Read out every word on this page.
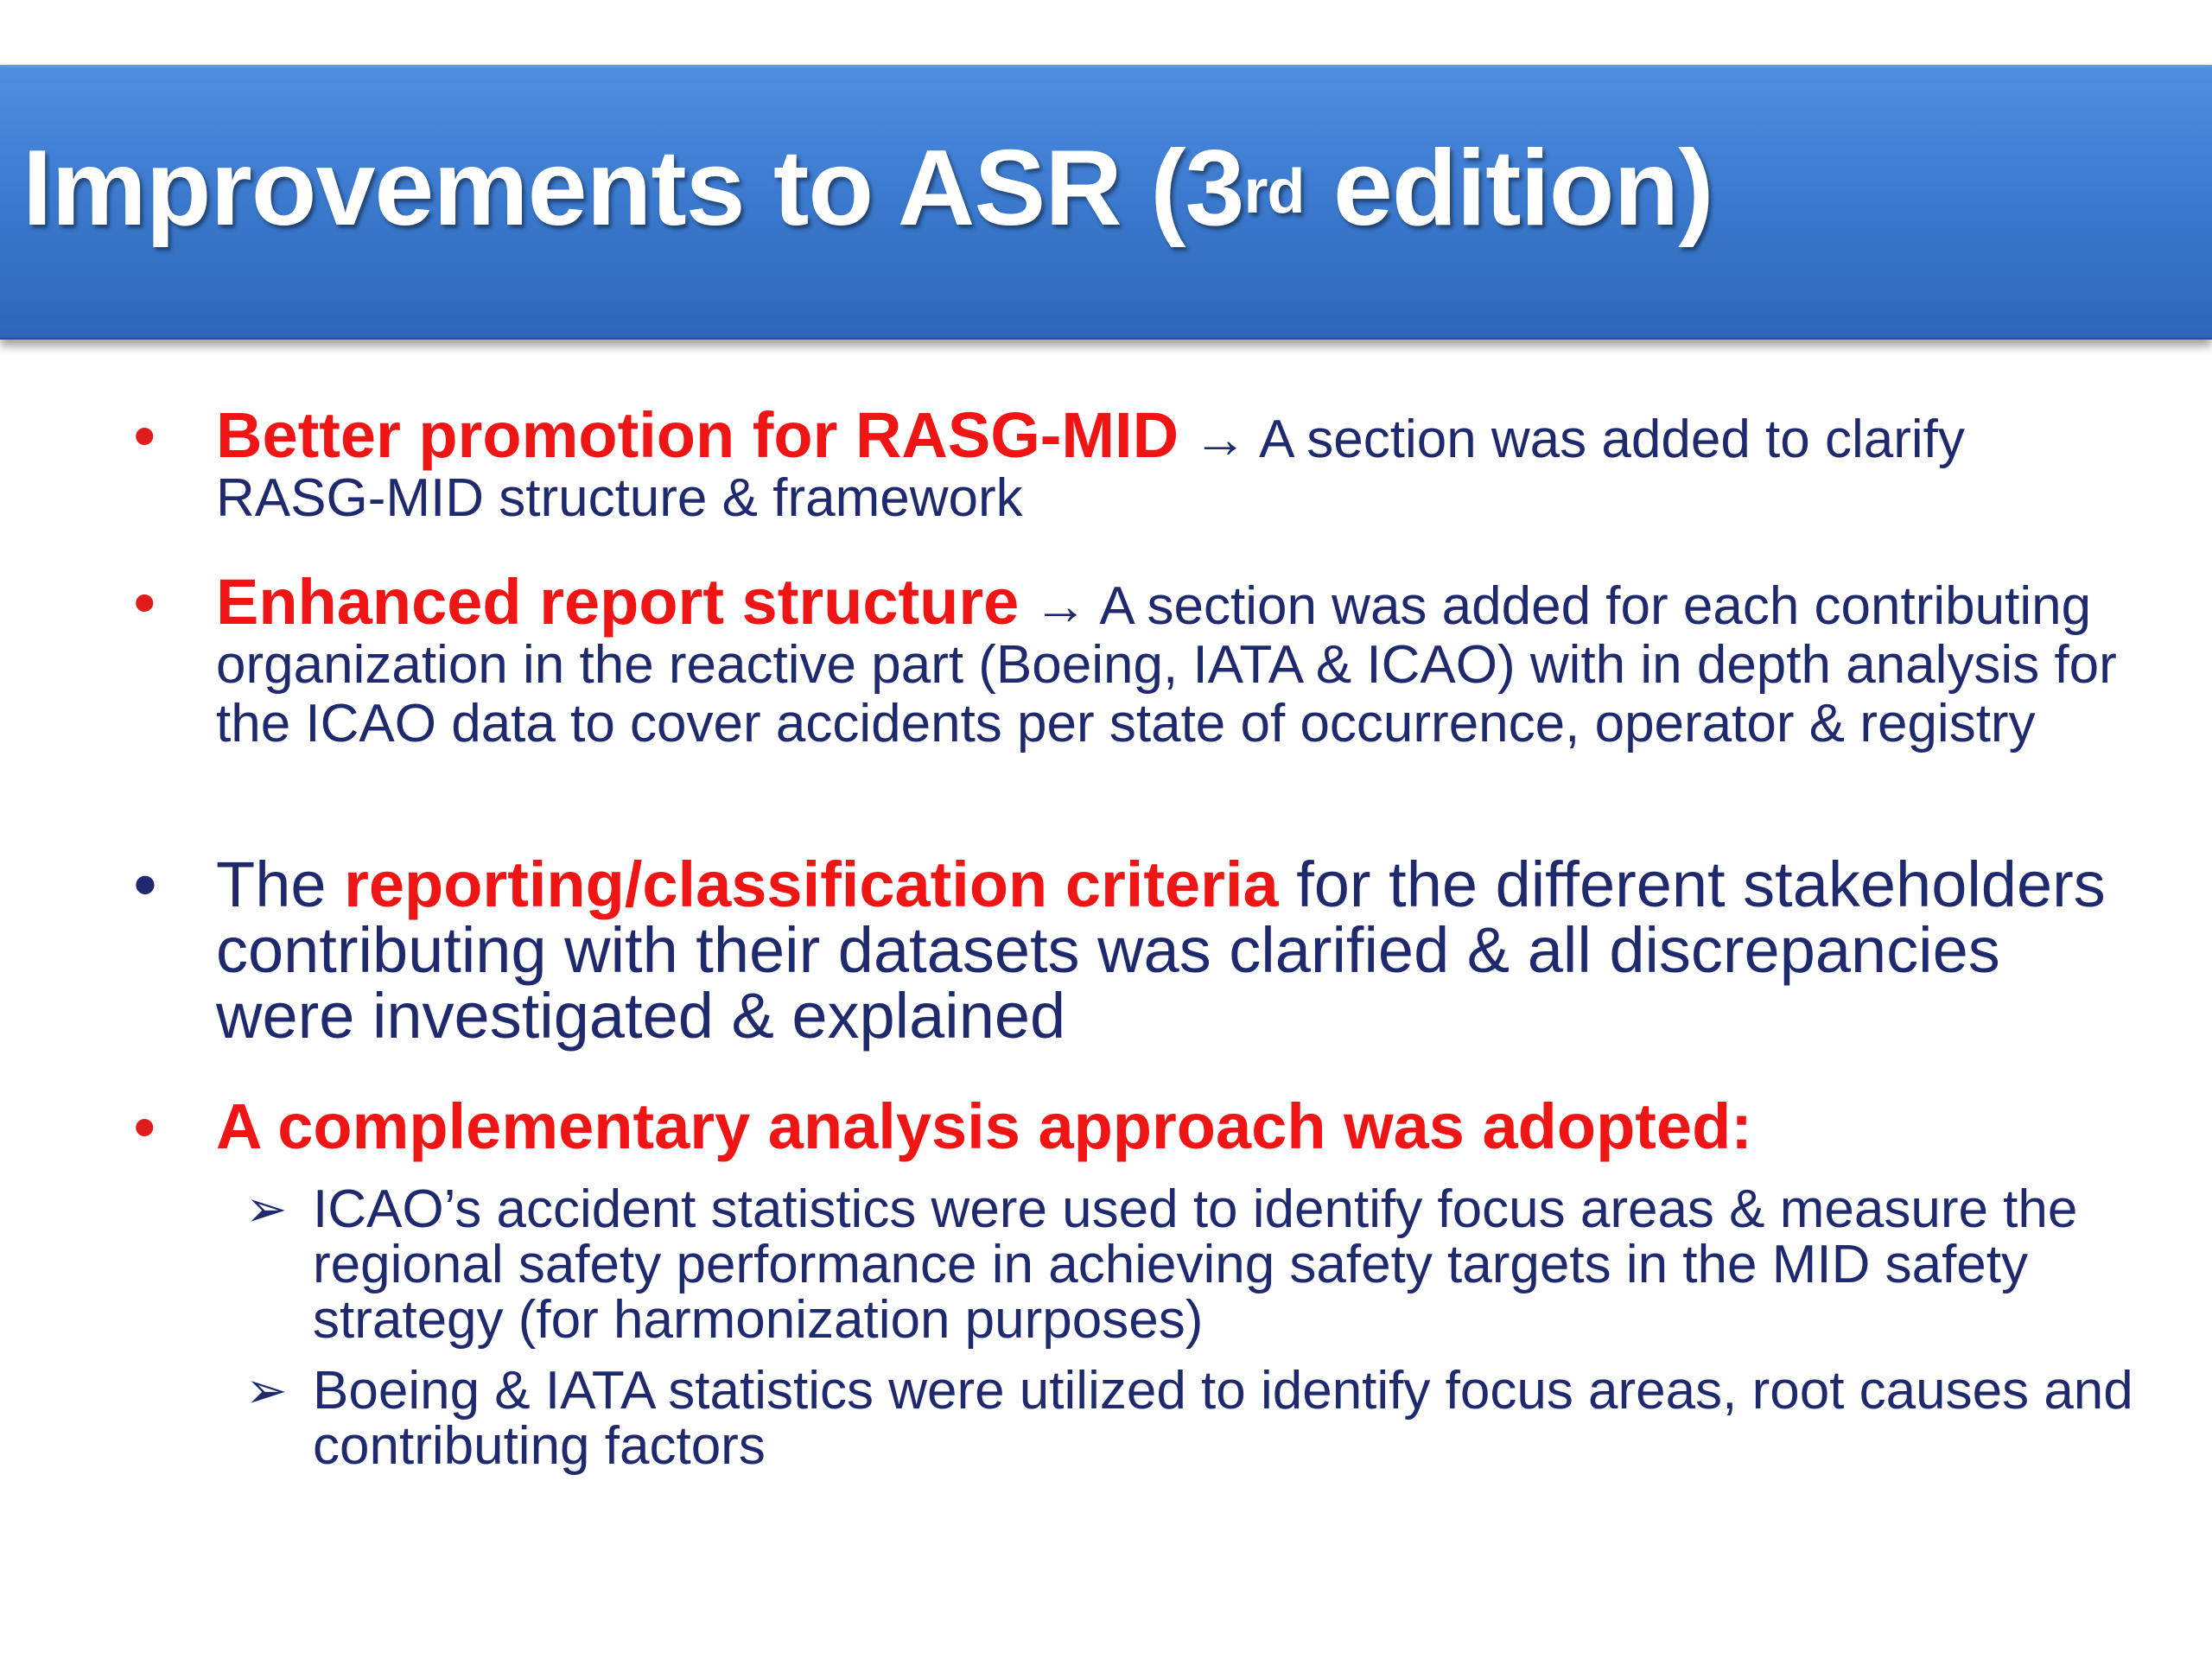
Improvements to ASR (3rd edition)
• Better promotion for RASG-MID → A section was added to clarify RASG-MID structure & framework
• Enhanced report structure → A section was added for each contributing organization in the reactive part (Boeing, IATA & ICAO) with in depth analysis for the ICAO data to cover accidents per state of occurrence, operator & registry
• The reporting/classification criteria for the different stakeholders contributing with their datasets was clarified & all discrepancies were investigated & explained
• A complementary analysis approach was adopted:
➢ ICAO’s accident statistics were used to identify focus areas & measure the regional safety performance in achieving safety targets in the MID safety strategy (for harmonization purposes)
➢ Boeing & IATA statistics were utilized to identify focus areas, root causes and contributing factors
